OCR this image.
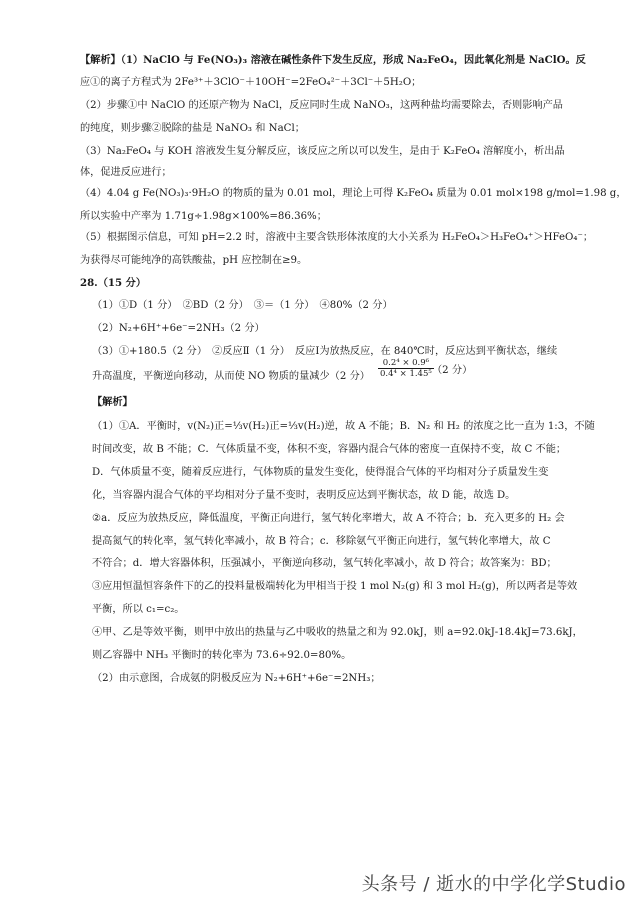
【解析】（1）NaClO 与 Fe(NO₃)₃ 溶液在碱性条件下发生反应，形成 Na₂FeO₄，因此氧化剂是 NaClO。反
应①的离子方程式为 2Fe³⁺＋3ClO⁻＋10OH⁻=2FeO₄²⁻＋3Cl⁻＋5H₂O；
（2）步骤①中 NaClO 的还原产物为 NaCl，反应同时生成 NaNO₃，这两种盐均需要除去，否则影响产品
的纯度，则步骤②脱除的盐是 NaNO₃ 和 NaCl；
（3）Na₂FeO₄ 与 KOH 溶液发生复分解反应，该反应之所以可以发生，是由于 K₂FeO₄ 溶解度小，析出晶
体，促进反应进行；
（4）4.04 g Fe(NO₃)₃·9H₂O 的物质的量为 0.01 mol，理论上可得 K₂FeO₄ 质量为 0.01 mol×198 g/mol=1.98 g，
所以实验中产率为 1.71g÷1.98g×100%=86.36%；
（5）根据图示信息，可知 pH=2.2 时，溶液中主要含铁形体浓度的大小关系为 H₂FeO₄＞H₃FeO₄⁺＞HFeO₄⁻；
为获得尽可能纯净的高铁酸盐，pH 应控制在≥9。
28.（15 分）
（1）①D（1 分）　②BD（2 分）　③＝（1 分）　④80%（2 分）
（2）N₂+6H⁺+6e⁻=2NH₃（2 分）
（3）①+180.5（2 分）　②反应Ⅱ（1 分）　反应Ⅰ为放热反应，在 840℃时，反应达到平衡状态，继续
升高温度，平衡逆向移动，从而使 NO 物质的量减少（2 分） $\frac{\text{0.2⁴ × 0.9⁶}}{\text{0.4⁴ × 1.45⁵}}$
（2 分）
【解析】
（1）①A．平衡时，v(N₂)正=⅓v(H₂)正=⅓v(H₂)逆，故 A 不能；B．N₂ 和 H₂ 的浓度之比一直为 1:3，不随
时间改变，故 B 不能；C．气体质量不变，体积不变，容器内混合气体的密度一直保持不变，故 C 不能；
D．气体质量不变，随着反应进行，气体物质的量发生变化，使得混合气体的平均相对分子质量发生变
化，当容器内混合气体的平均相对分子量不变时，表明反应达到平衡状态，故 D 能，故选 D。
②a．反应为放热反应，降低温度，平衡正向进行，氢气转化率增大，故 A 不符合；b．充入更多的 H₂ 会
提高氮气的转化率，氢气转化率减小，故 B 符合；c．移除氨气平衡正向进行，氢气转化率增大，故 C
不符合；d．增大容器体积，压强减小，平衡逆向移动，氢气转化率减小，故 D 符合；故答案为：BD；
③应用恒温恒容条件下的乙的投料量极端转化为甲相当于投 1 mol N₂(g) 和 3 mol H₂(g)，所以两者是等效
平衡，所以 c₁=c₂。
④甲、乙是等效平衡，则甲中放出的热量与乙中吸收的热量之和为 92.0kJ，则 a=92.0kJ-18.4kJ=73.6kJ，
则乙容器中 NH₃ 平衡时的转化率为 73.6÷92.0=80%。
（2）由示意图，合成氨的阴极反应为 N₂+6H⁺+6e⁻=2NH₃；
头条号 / 逝水的中学化学Studio
